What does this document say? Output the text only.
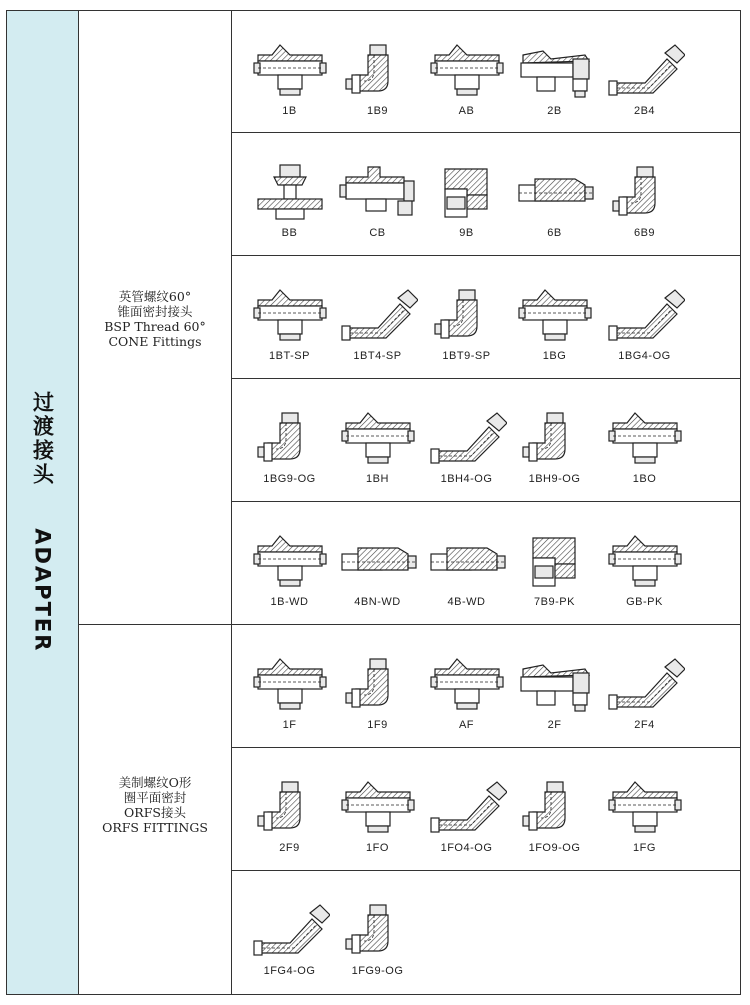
过渡接头    ADAPTER
英管螺纹60°
锥面密封接头
BSP Thread 60°
CONE Fittings
美制螺纹O形
圈平面密封
ORFS接头
ORFS FITTINGS
1B	1B9	AB	2B	2B4
BB	CB	9B	6B	6B9
1BT-SP	1BT4-SP	1BT9-SP	1BG	1BG4-OG
1BG9-OG	1BH	1BH4-OG	1BH9-OG	1BO
1B-WD	4BN-WD	4B-WD	7B9-PK	GB-PK
1F	1F9	AF	2F	2F4
2F9	1FO	1FO4-OG	1FO9-OG	1FG
1FG4-OG	1FG9-OG
